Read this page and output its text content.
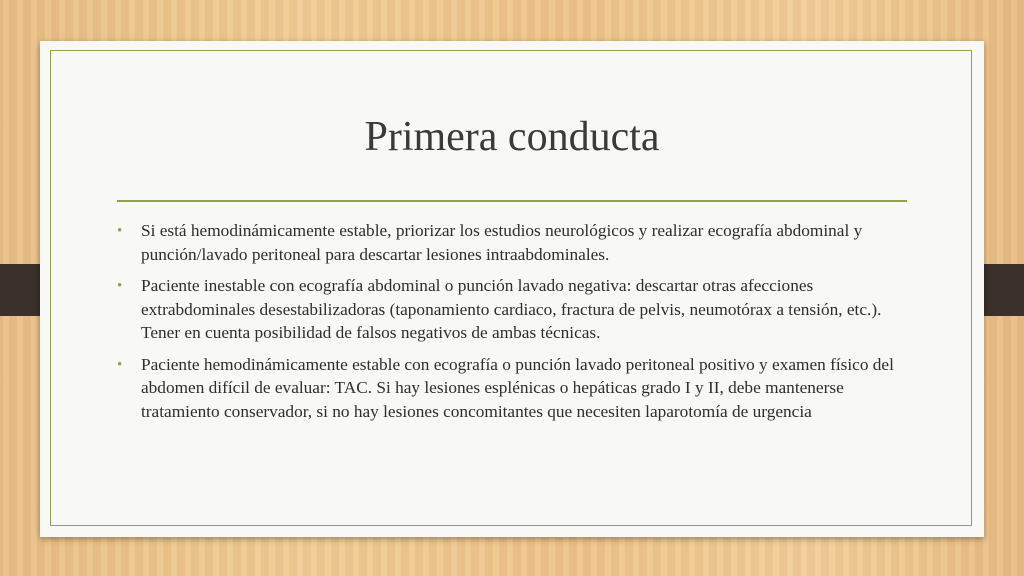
Primera conducta
• Si está hemodinámicamente estable, priorizar los estudios neurológicos y realizar ecografía abdominal y punción/lavado peritoneal para descartar lesiones intraabdominales.
• Paciente inestable con ecografía abdominal o punción lavado negativa: descartar otras afecciones extrabdominales desestabilizadoras (taponamiento cardiaco, fractura de pelvis, neumotórax a tensión, etc.). Tener en cuenta posibilidad de falsos negativos de ambas técnicas.
• Paciente hemodinámicamente estable con ecografía o punción lavado peritoneal positivo y examen físico del abdomen difícil de evaluar: TAC. Si hay lesiones esplénicas o hepáticas grado I y II, debe mantenerse tratamiento conservador, si no hay lesiones concomitantes que necesiten laparotomía de urgencia
